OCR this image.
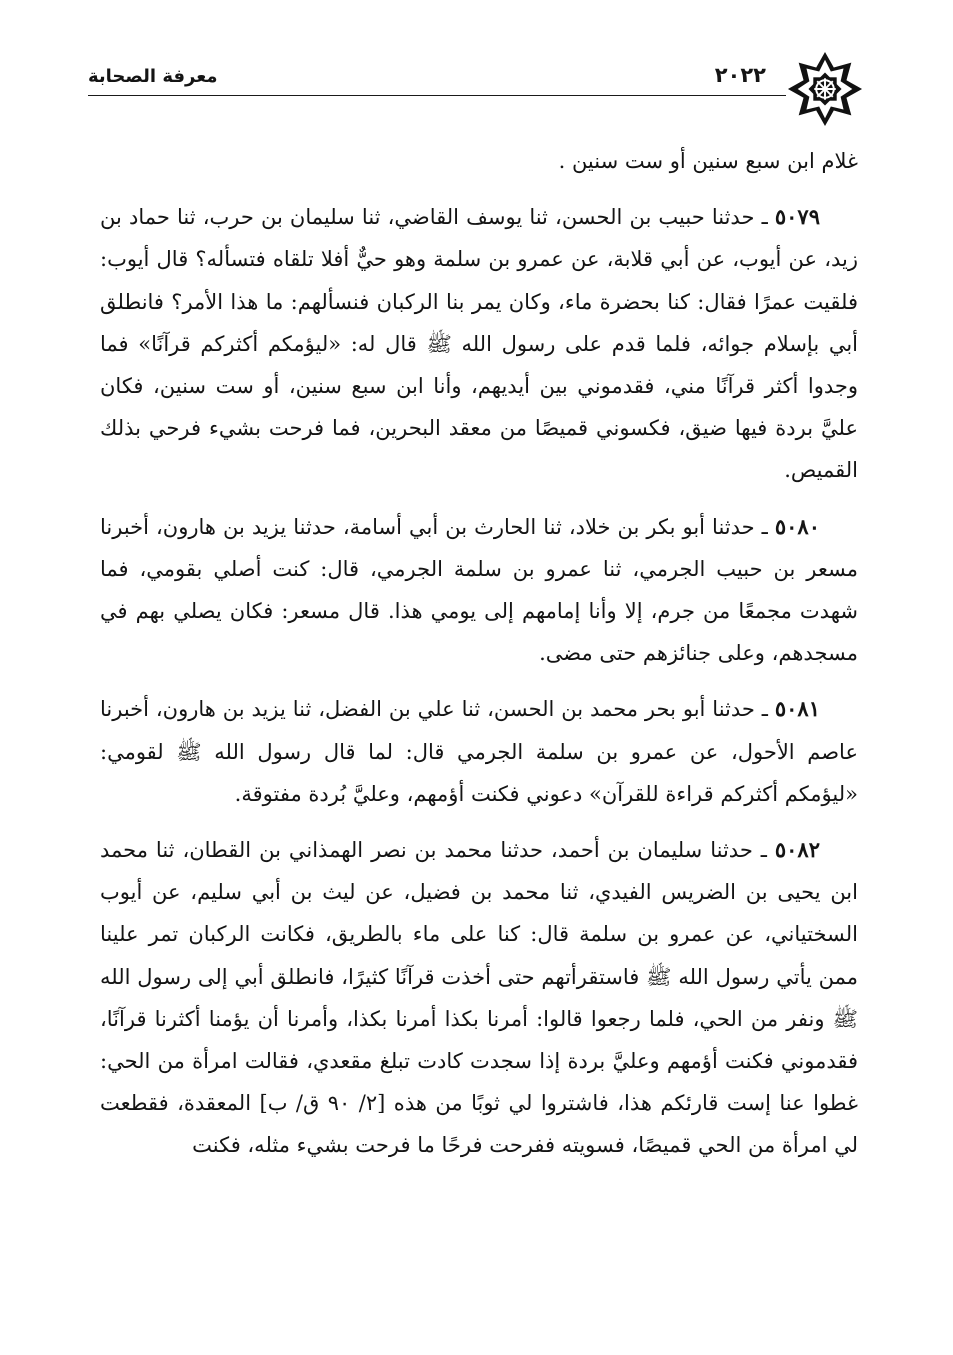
معرفة الصحابة	٢٠٢٢

غلام ابن سبع سنين أو ست سنين .

٥٠٧٩ ـ حدثنا حبيب بن الحسن، ثنا يوسف القاضي، ثنا سليمان بن حرب، ثنا حماد بن زيد، عن أيوب، عن أبي قلابة، عن عمرو بن سلمة وهو حيٌّ أفلا تلقاه فتسأله؟ قال أيوب: فلقيت عمرًا فقال: كنا بحضرة ماء، وكان يمر بنا الركبان فنسألهم: ما هذا الأمر؟ فانطلق أبي بإسلام جوائه، فلما قدم على رسول الله ﷺ قال له: «ليؤمكم أكثركم قرآنًا» فما وجدوا أكثر قرآنًا مني، فقدموني بين أيديهم، وأنا ابن سبع سنين، أو ست سنين، فكان عليَّ بردة فيها ضيق، فكسوني قميصًا من معقد البحرين، فما فرحت بشيء فرحي بذلك القميص.

٥٠٨٠ ـ حدثنا أبو بكر بن خلاد، ثنا الحارث بن أبي أسامة، حدثنا يزيد بن هارون، أخبرنا مسعر بن حبيب الجرمي، ثنا عمرو بن سلمة الجرمي، قال: كنت أصلي بقومي، فما شهدت مجمعًا من جرم، إلا وأنا إمامهم إلى يومي هذا. قال مسعر: فكان يصلي بهم في مسجدهم، وعلى جنائزهم حتى مضى.

٥٠٨١ ـ حدثنا أبو بحر محمد بن الحسن، ثنا علي بن الفضل، ثنا يزيد بن هارون، أخبرنا عاصم الأحول، عن عمرو بن سلمة الجرمي قال: لما قال رسول الله ﷺ لقومي: «ليؤمكم أكثركم قراءة للقرآن» دعوني فكنت أؤمهم، وعليَّ بُردة مفتوقة.

٥٠٨٢ ـ حدثنا سليمان بن أحمد، حدثنا محمد بن نصر الهمذاني بن القطان، ثنا محمد ابن يحيى بن الضريس الفيدي، ثنا محمد بن فضيل، عن ليث بن أبي سليم، عن أيوب السختياني، عن عمرو بن سلمة قال: كنا على ماء بالطريق، فكانت الركبان تمر علينا ممن يأتي رسول الله ﷺ فاستقرأتهم حتى أخذت قرآنًا كثيرًا، فانطلق أبي إلى رسول الله ﷺ ونفر من الحي، فلما رجعوا قالوا: أمرنا بكذا أمرنا بكذا، وأمرنا أن يؤمنا أكثرنا قرآنًا، فقدموني فكنت أؤمهم وعليَّ بردة إذا سجدت كادت تبلغ مقعدي، فقالت امرأة من الحي: غطوا عنا إست قارئكم هذا، فاشتروا لي ثوبًا من هذه [٢/ ٩٠ ق/ ب] المعقدة، فقطعت لي امرأة من الحي قميصًا، فسويته ففرحت فرحًا ما فرحت بشيء مثله، فكنت
